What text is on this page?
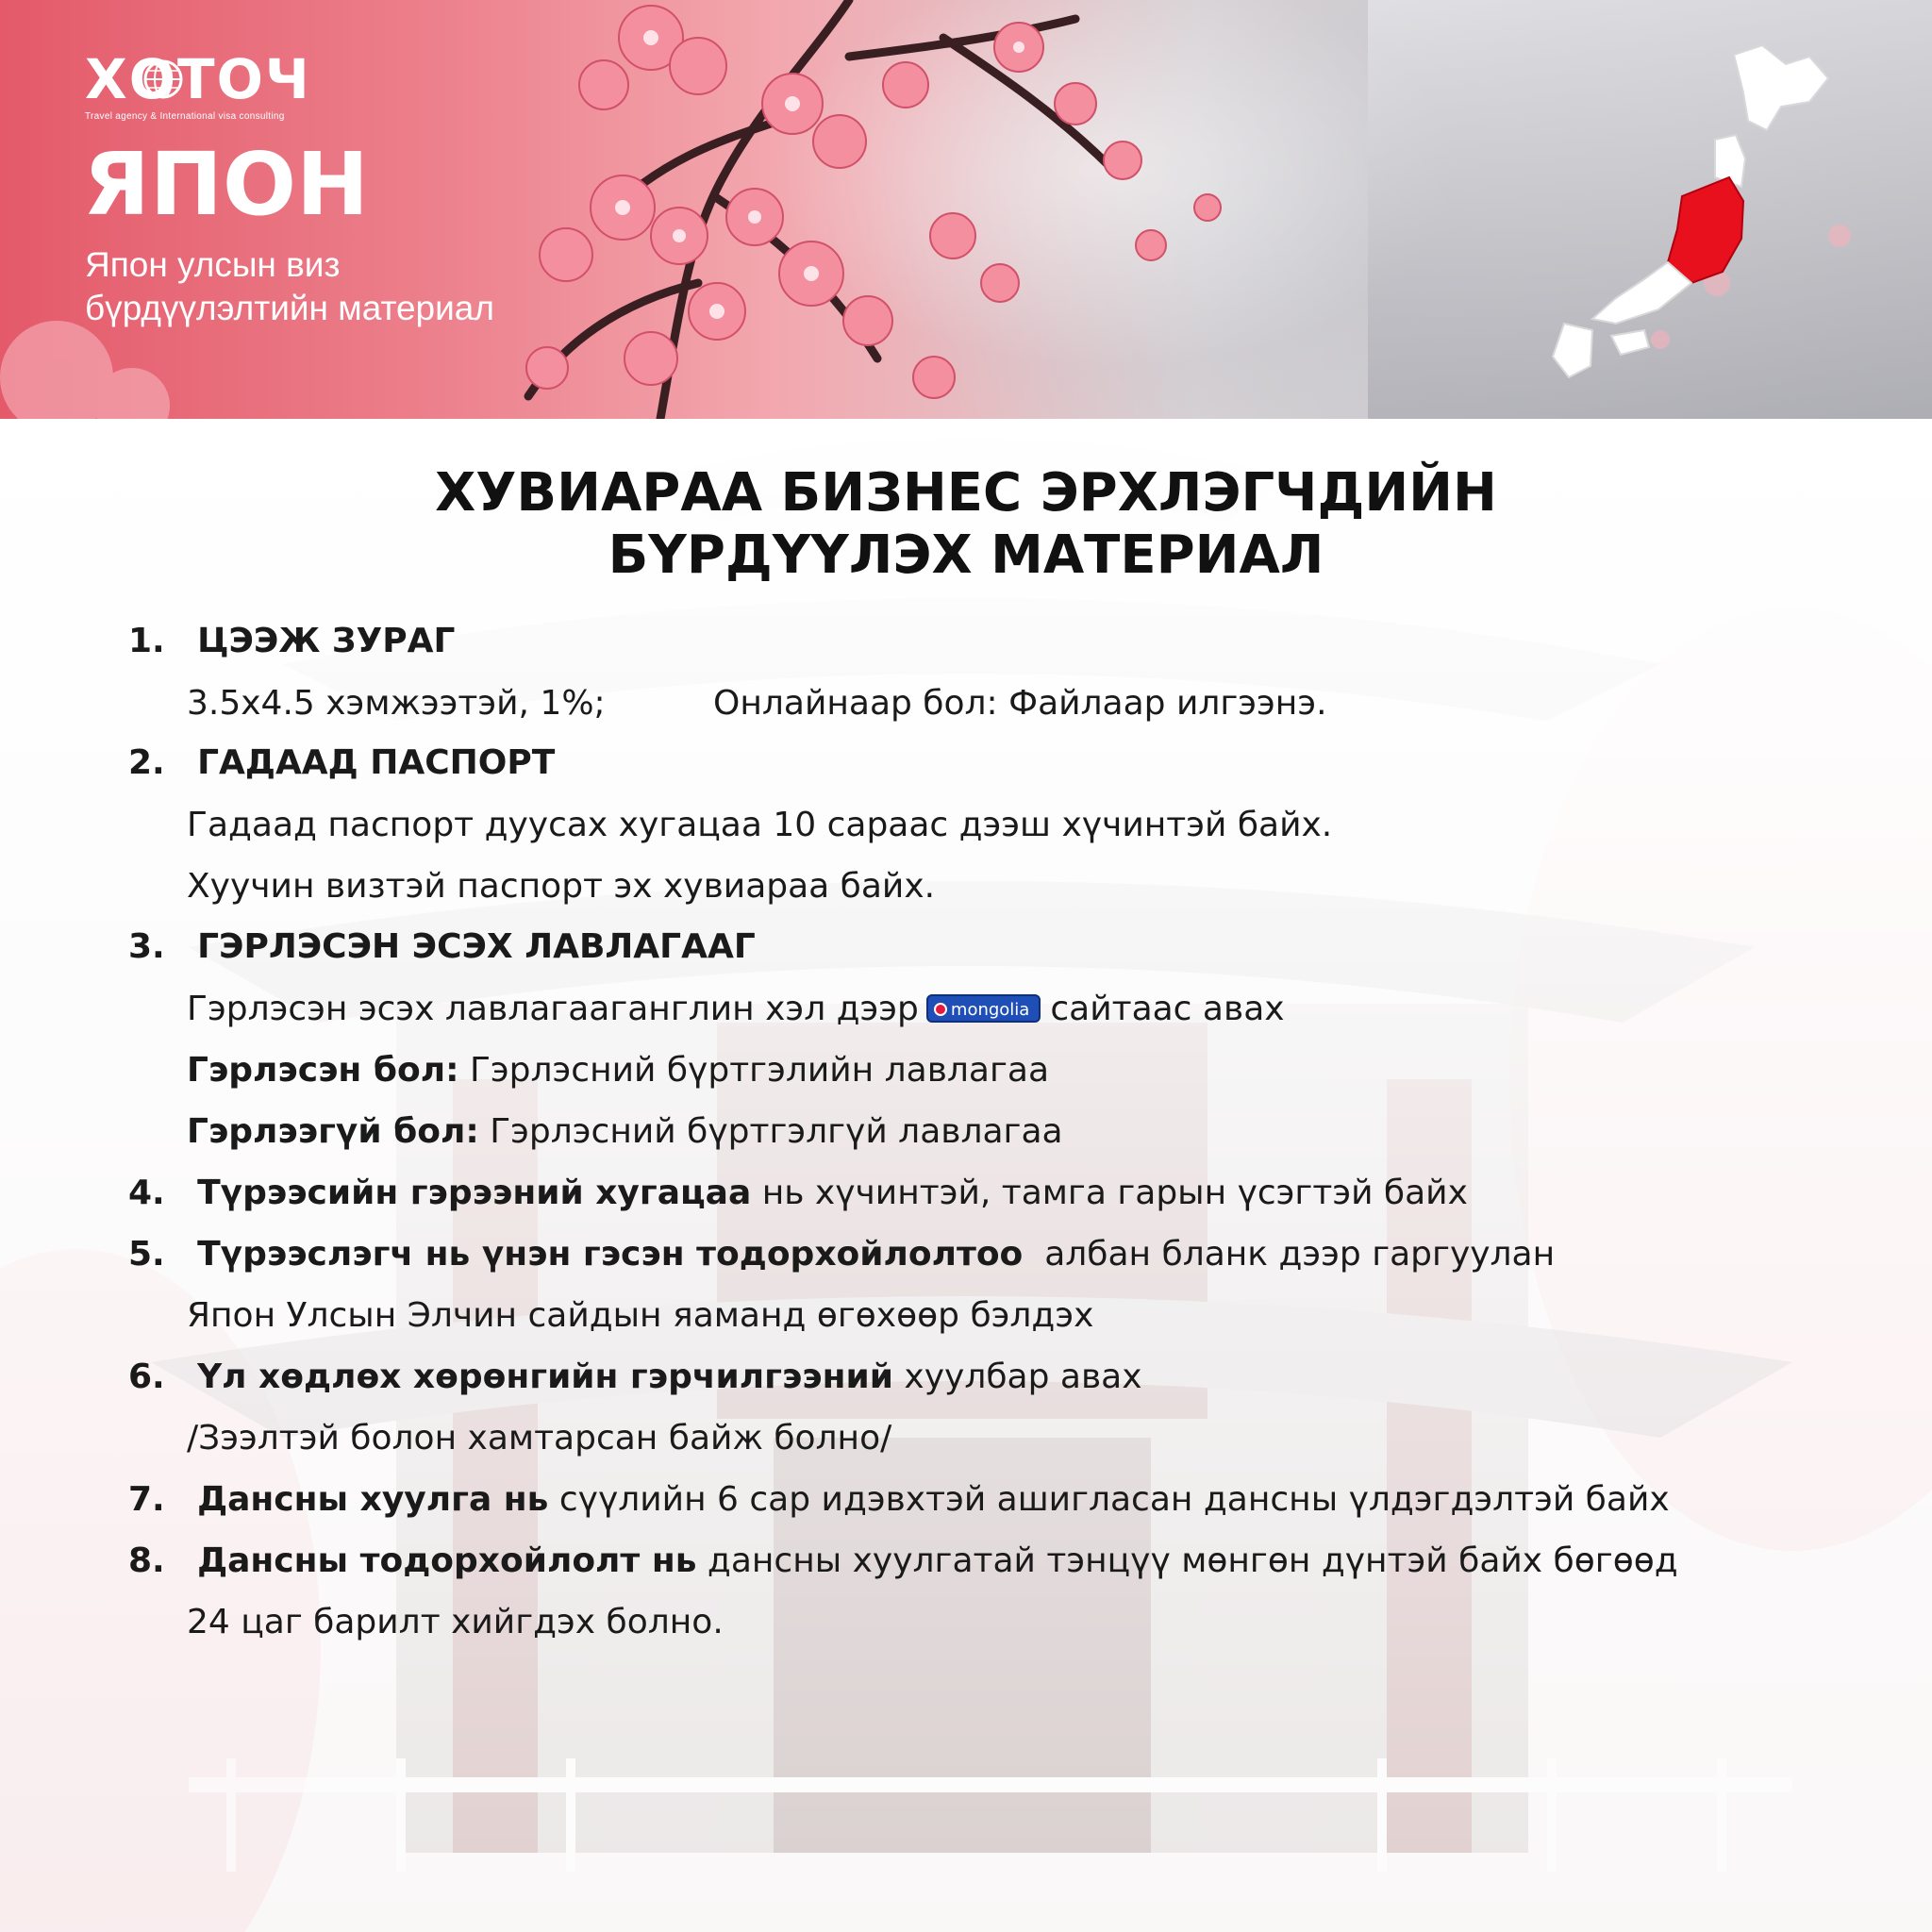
ХОТОЧ
Travel agency & International visa consulting
ЯПОН
Япон улсын виз
бүрдүүлэлтийн материал
ХУВИАРАА БИЗНЕС ЭРХЛЭГЧДИЙН
БҮРДҮҮЛЭХ МАТЕРИАЛ
1. ЦЭЭЖ ЗУРАГ
3.5x4.5 хэмжээтэй, 1%;	Онлайнаар бол: Файлаар илгээнэ.
2. ГАДААД ПАСПОРТ
Гадаад паспорт дуусах хугацаа 10 сараас дээш хүчинтэй байх.
Хуучин визтэй паспорт эх хувиараа байх.
3. ГЭРЛЭСЭН ЭСЭХ ЛАВЛАГААГ
Гэрлэсэн эсэх лавлагааганглин хэл дээр mongolia сайтаас авах
Гэрлэсэн бол: Гэрлэсний бүртгэлийн лавлагаа
Гэрлээгүй бол: Гэрлэсний бүртгэлгүй лавлагаа
4. Түрээсийн гэрээний хугацаа нь хүчинтэй, тамга гарын үсэгтэй байх
5. Түрээслэгч нь үнэн гэсэн тодорхойлолтоо албан бланк дээр гаргуулан
Япон Улсын Элчин сайдын яаманд өгөхөөр бэлдэх
6. Үл хөдлөх хөрөнгийн гэрчилгээний хуулбар авах
/Зээлтэй болон хамтарсан байж болно/
7. Дансны хуулга нь сүүлийн 6 сар идэвхтэй ашигласан дансны үлдэгдэлтэй байх
8. Дансны тодорхойлолт нь дансны хуулгатай тэнцүү мөнгөн дүнтэй байх бөгөөд
24 цаг барилт хийгдэх болно.
